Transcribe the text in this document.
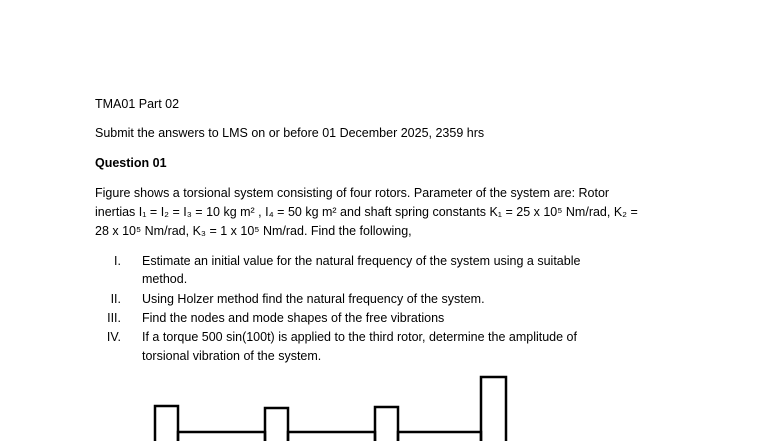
TMA01 Part 02
Submit the answers to LMS on or before 01 December 2025, 2359 hrs
Question 01
Figure shows a torsional system consisting of four rotors. Parameter of the system are: Rotor
inertias I₁ = I₂ = I₃ = 10 kg m² , I₄ = 50 kg m² and shaft spring constants K₁ = 25 x 10⁵ Nm/rad, K₂ =
28 x 10⁵ Nm/rad, K₃ = 1 x 10⁵ Nm/rad. Find the following,
I. Estimate an initial value for the natural frequency of the system using a suitable
method.
II. Using Holzer method find the natural frequency of the system.
III. Find the nodes and mode shapes of the free vibrations
IV. If a torque 500 sin(100t) is applied to the third rotor, determine the amplitude of
torsional vibration of the system.
